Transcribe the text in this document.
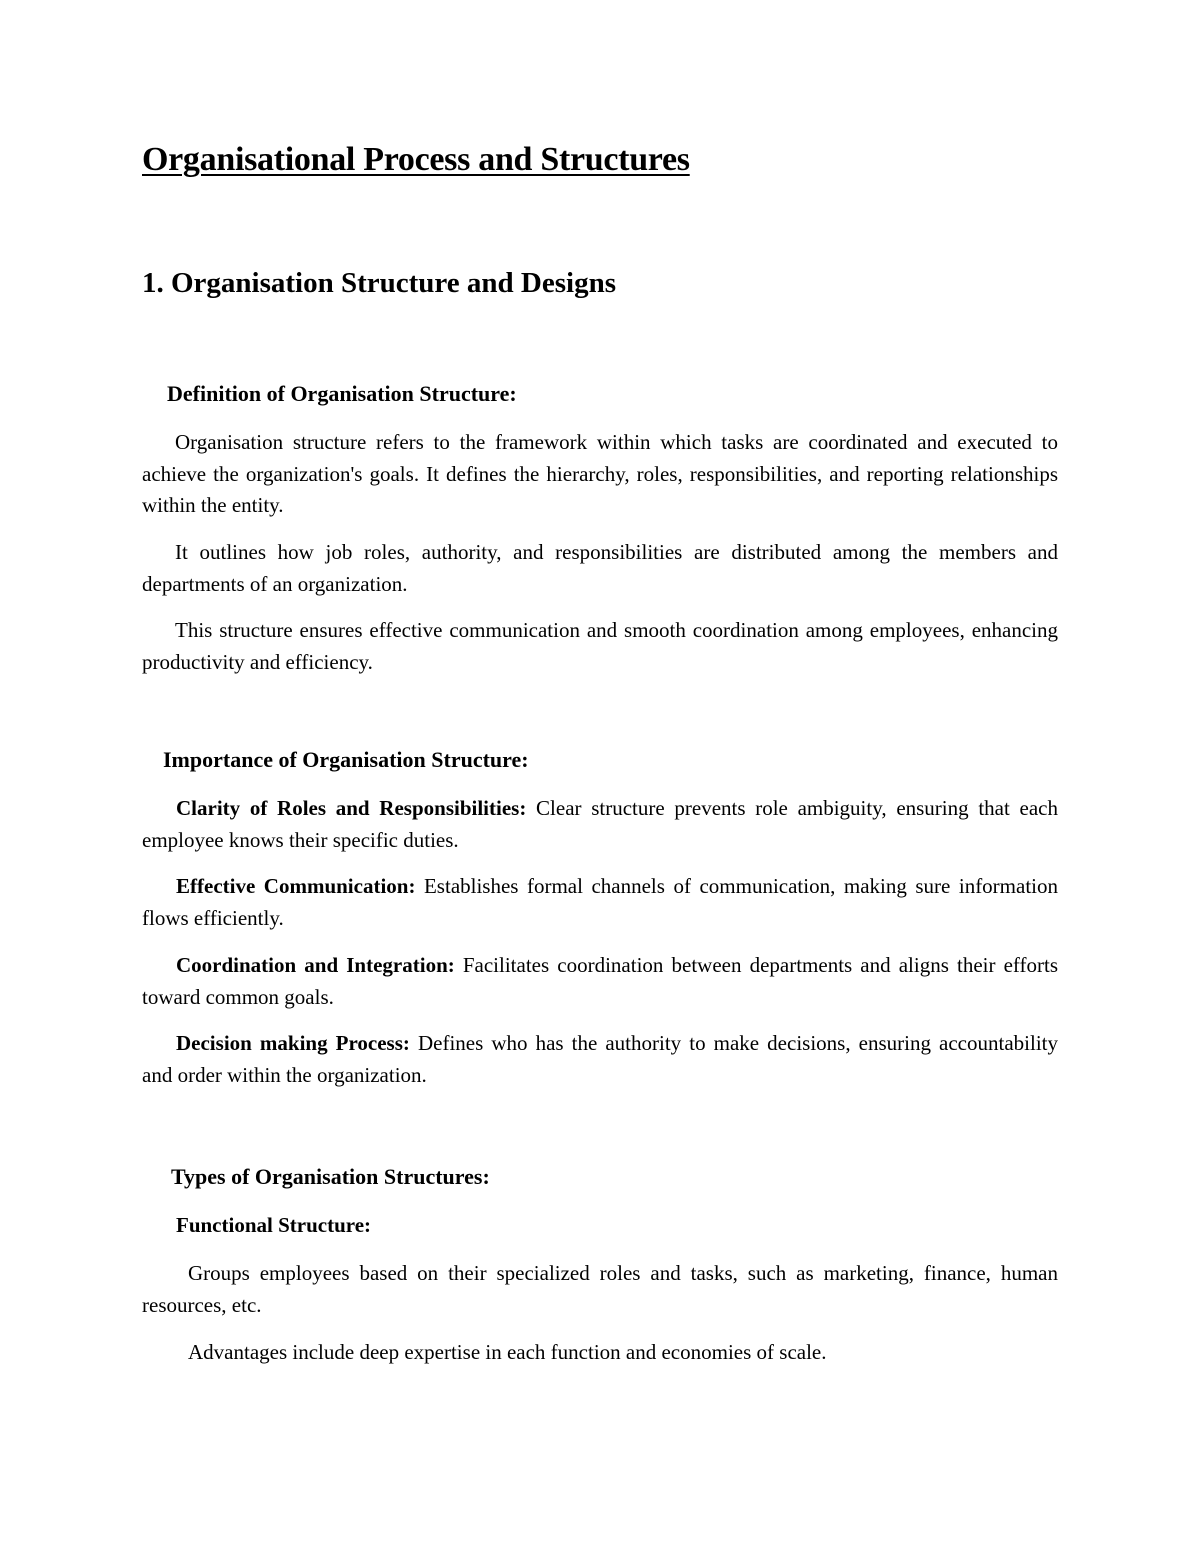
Organisational Process and Structures
1. Organisation Structure and Designs
Definition of Organisation Structure:

Organisation structure refers to the framework within which tasks are coordinated and executed to achieve the organization's goals. It defines the hierarchy, roles, responsibilities, and reporting relationships within the entity.

It outlines how job roles, authority, and responsibilities are distributed among the members and departments of an organization.

This structure ensures effective communication and smooth coordination among employees, enhancing productivity and efficiency.

Importance of Organisation Structure:

Clarity of Roles and Responsibilities: Clear structure prevents role ambiguity, ensuring that each employee knows their specific duties.

Effective Communication: Establishes formal channels of communication, making sure information flows efficiently.

Coordination and Integration: Facilitates coordination between departments and aligns their efforts toward common goals.

Decision making Process: Defines who has the authority to make decisions, ensuring accountability and order within the organization.

Types of Organisation Structures:
Functional Structure:

Groups employees based on their specialized roles and tasks, such as marketing, finance, human resources, etc.

Advantages include deep expertise in each function and economies of scale.
